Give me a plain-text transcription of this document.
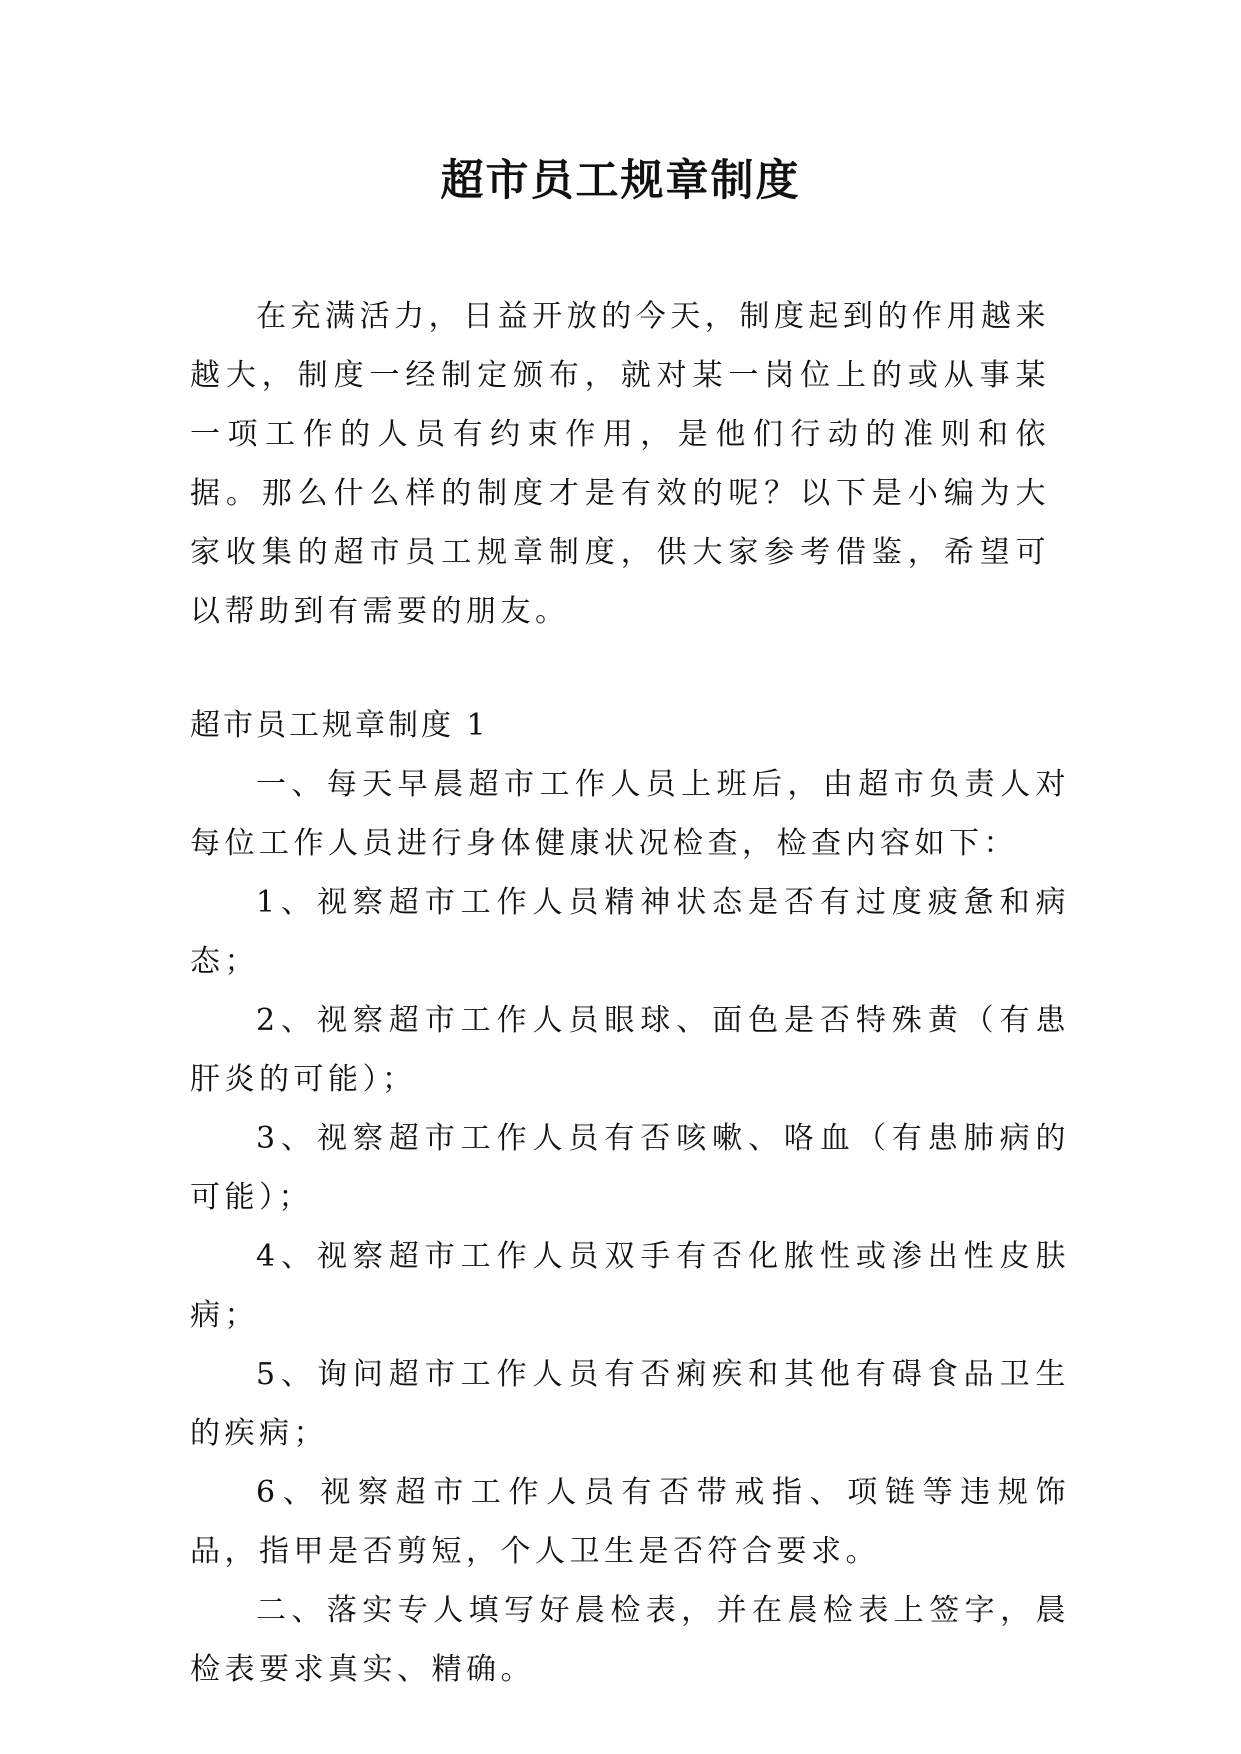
超市员工规章制度

在充满活力，日益开放的今天，制度起到的作用越来越大，制度一经制定颁布，就对某一岗位上的或从事某一项工作的人员有约束作用，是他们行动的准则和依据。那么什么样的制度才是有效的呢？以下是小编为大家收集的超市员工规章制度，供大家参考借鉴，希望可以帮助到有需要的朋友。

超市员工规章制度 1

一、每天早晨超市工作人员上班后，由超市负责人对每位工作人员进行身体健康状况检查，检查内容如下：

1、视察超市工作人员精神状态是否有过度疲惫和病态；

2、视察超市工作人员眼球、面色是否特殊黄（有患肝炎的可能）；

3、视察超市工作人员有否咳嗽、咯血（有患肺病的可能）；

4、视察超市工作人员双手有否化脓性或渗出性皮肤病；

5、询问超市工作人员有否痢疾和其他有碍食品卫生的疾病；

6、视察超市工作人员有否带戒指、项链等违规饰品，指甲是否剪短，个人卫生是否符合要求。

二、落实专人填写好晨检表，并在晨检表上签字，晨检表要求真实、精确。
